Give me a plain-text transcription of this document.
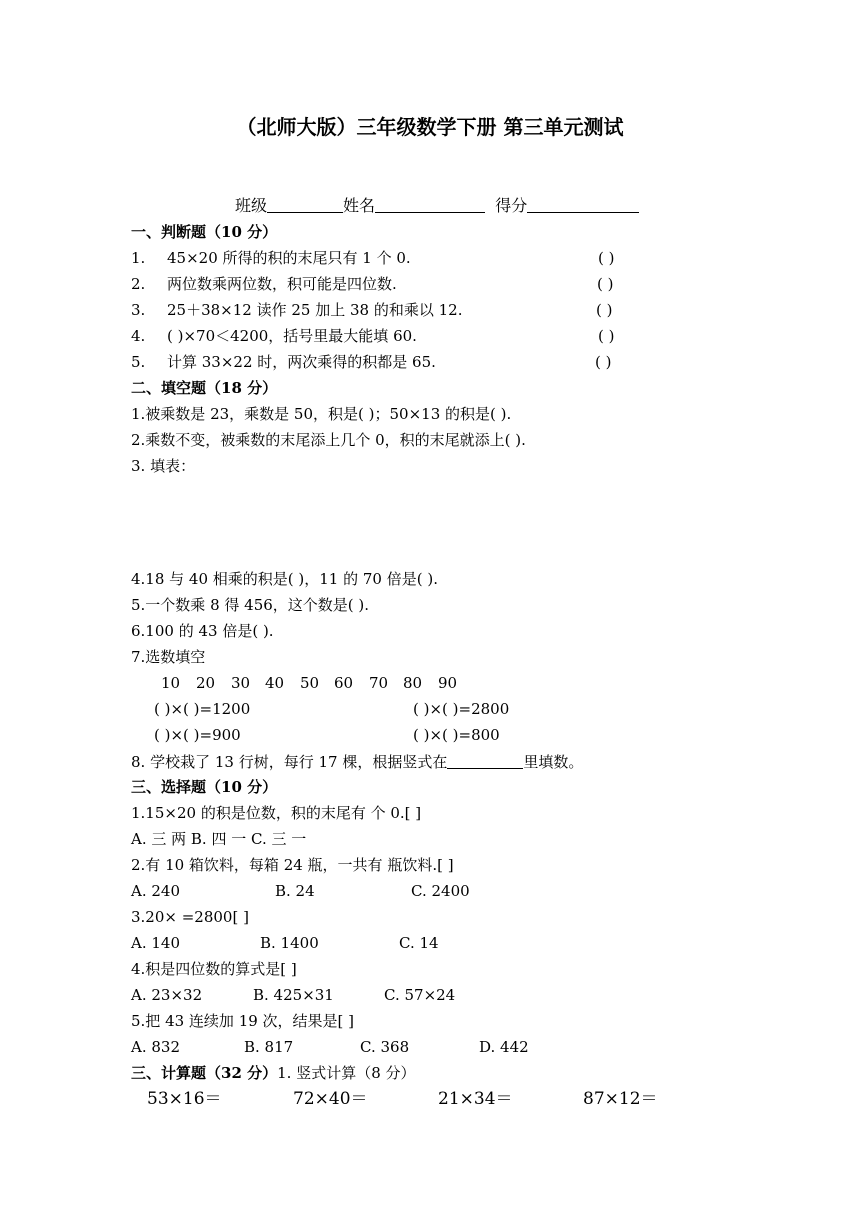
（北师大版）三年级数学下册 第三单元测试
班级	姓名	得分
一、判断题（10 分）
1. 45×20 所得的积的末尾只有 1 个 0.	( )
2. 两位数乘两位数，积可能是四位数.	( )
3. 25＋38×12 读作 25 加上 38 的和乘以 12.	( )
4. ( )×70＜4200，括号里最大能填 60.	( )
5. 计算 33×22 时，两次乘得的积都是 65.	( )
二、填空题（18 分）
1.被乘数是 23，乘数是 50，积是( )；50×13 的积是( ).
2.乘数不变，被乘数的末尾添上几个 0，积的末尾就添上( ).
3. 填表：
4.18 与 40 相乘的积是( )，11 的 70 倍是( ).
5.一个数乘 8 得 456，这个数是( ).
6.100 的 43 倍是( ).
7.选数填空
10 20 30 40 50 60 70 80 90
( )×( )=1200	( )×( )=2800
( )×( )=900	( )×( )=800
8. 学校栽了 13 行树，每行 17 棵，根据竖式在	里填数。
三、选择题（10 分）
1.15×20 的积是位数，积的末尾有 个 0.[ ]
A. 三 两 B. 四 一 C. 三 一
2.有 10 箱饮料，每箱 24 瓶，一共有 瓶饮料.[ ]
A. 240	B. 24	C. 2400
3.20× =2800[ ]
A. 140	B. 1400	C. 14
4.积是四位数的算式是[ ]
A. 23×32	B. 425×31	C. 57×24
5.把 43 连续加 19 次，结果是[ ]
A. 832	B. 817	C. 368	D. 442
三、计算题（32 分）1. 竖式计算（8 分）
53×16＝	72×40＝	21×34＝	87×12＝
